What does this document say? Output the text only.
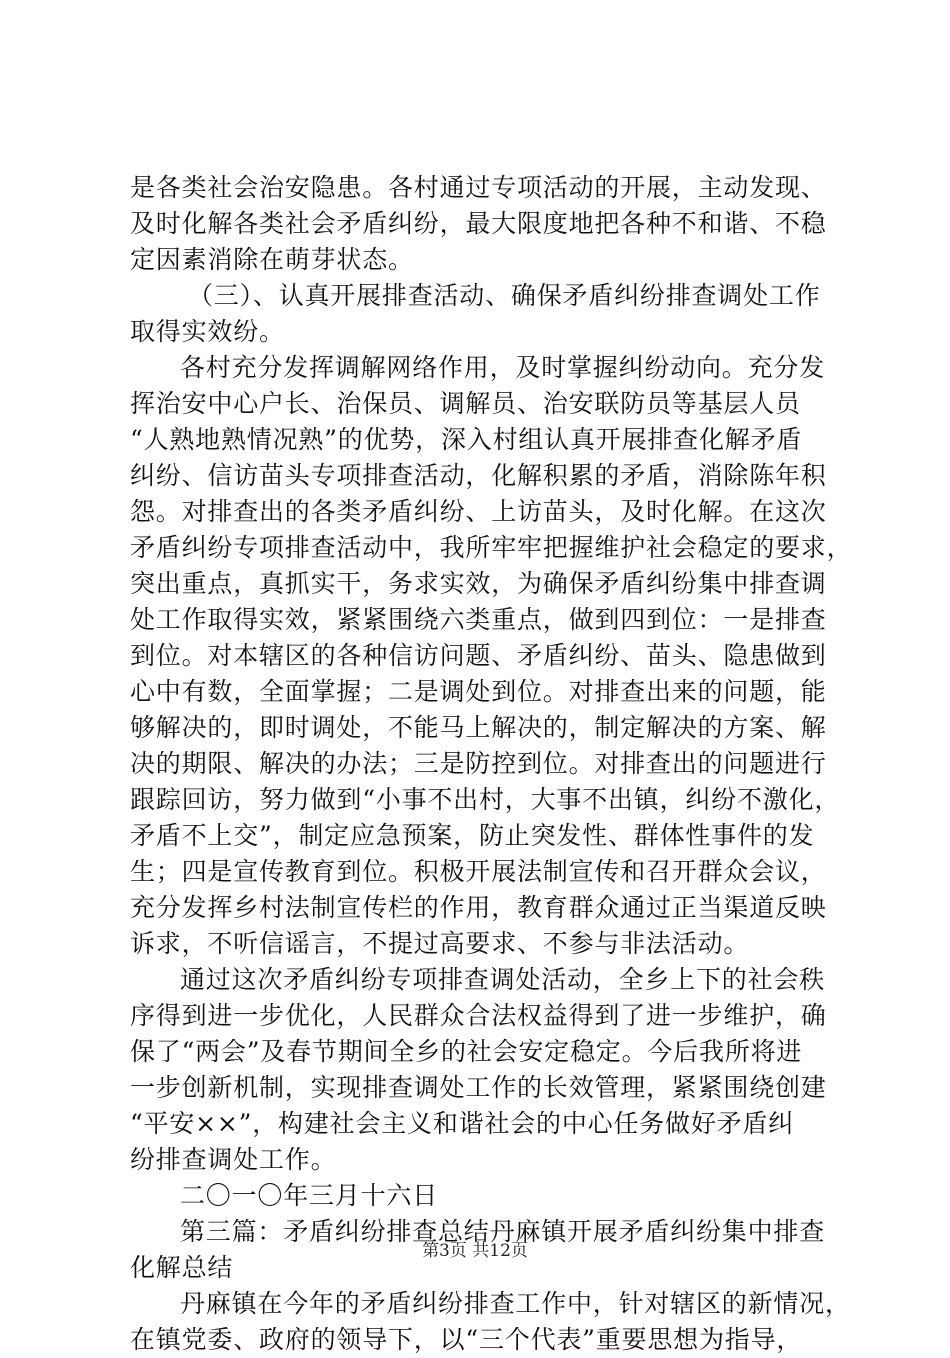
是各类社会治安隐患。各村通过专项活动的开展，主动发现、
及时化解各类社会矛盾纠纷，最大限度地把各种不和谐、不稳
定因素消除在萌芽状态。
（三）、认真开展排查活动、确保矛盾纠纷排查调处工作
取得实效纷。
各村充分发挥调解网络作用，及时掌握纠纷动向。充分发
挥治安中心户长、治保员、调解员、治安联防员等基层人员
“人熟地熟情况熟”的优势，深入村组认真开展排查化解矛盾
纠纷、信访苗头专项排查活动，化解积累的矛盾，消除陈年积
怨。对排查出的各类矛盾纠纷、上访苗头，及时化解。在这次
矛盾纠纷专项排查活动中，我所牢牢把握维护社会稳定的要求，
突出重点，真抓实干，务求实效，为确保矛盾纠纷集中排查调
处工作取得实效，紧紧围绕六类重点，做到四到位：一是排查
到位。对本辖区的各种信访问题、矛盾纠纷、苗头、隐患做到
心中有数，全面掌握；二是调处到位。对排查出来的问题，能
够解决的，即时调处，不能马上解决的，制定解决的方案、解
决的期限、解决的办法；三是防控到位。对排查出的问题进行
跟踪回访，努力做到“小事不出村，大事不出镇，纠纷不激化，
矛盾不上交”，制定应急预案，防止突发性、群体性事件的发
生；四是宣传教育到位。积极开展法制宣传和召开群众会议，
充分发挥乡村法制宣传栏的作用，教育群众通过正当渠道反映
诉求，不听信谣言，不提过高要求、不参与非法活动。
通过这次矛盾纠纷专项排查调处活动，全乡上下的社会秩
序得到进一步优化，人民群众合法权益得到了进一步维护，确
保了“两会”及春节期间全乡的社会安定稳定。今后我所将进
一步创新机制，实现排查调处工作的长效管理，紧紧围绕创建
“平安××”，构建社会主义和谐社会的中心任务做好矛盾纠
纷排查调处工作。
二〇一〇年三月十六日
第三篇：矛盾纠纷排查总结丹麻镇开展矛盾纠纷集中排查
化解总结
丹麻镇在今年的矛盾纠纷排查工作中，针对辖区的新情况，
在镇党委、政府的领导下，以“三个代表”重要思想为指导，
第3页 共12页
